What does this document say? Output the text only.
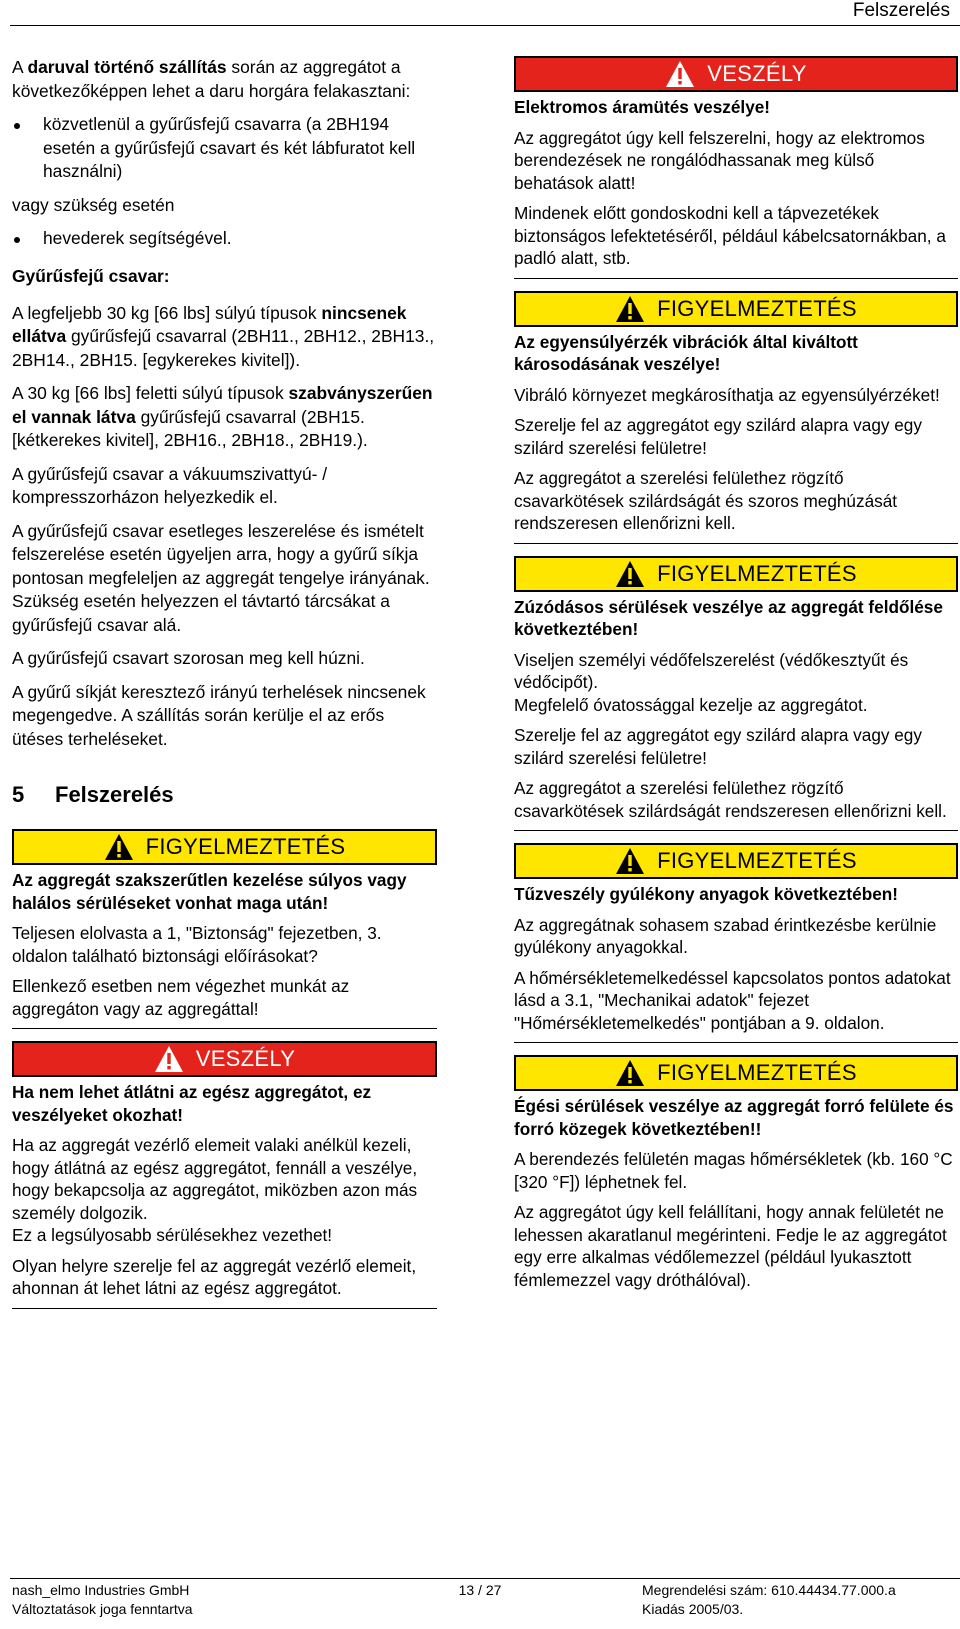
Felszerelés

A daruval történő szállítás során az aggregátot a következőképpen lehet a daru horgára felakasztani:

közvetlenül a gyűrűsfejű csavarra (a 2BH194 esetén a gyűrűsfejű csavart és két lábfuratot kell használni)

vagy szükség esetén

hevederek segítségével.
Gyűrűsfejű csavar:

A legfeljebb 30 kg [66 lbs] súlyú típusok nincsenek ellátva gyűrűsfejű csavarral (2BH11., 2BH12., 2BH13., 2BH14., 2BH15. [egykerekes kivitel]).

A 30 kg [66 lbs] feletti súlyú típusok szabványszerűen el vannak látva gyűrűsfejű csavarral (2BH15. [kétkerekes kivitel], 2BH16., 2BH18., 2BH19.).

A gyűrűsfejű csavar a vákuumszivattyú- / kompresszorházon helyezkedik el.

A gyűrűsfejű csavar esetleges leszerelése és ismételt felszerelése esetén ügyeljen arra, hogy a gyűrű síkja pontosan megfeleljen az aggregát tengelye irányának. Szükség esetén helyezzen el távtartó tárcsákat a gyűrűsfejű csavar alá.

A gyűrűsfejű csavart szorosan meg kell húzni.

A gyűrű síkját keresztező irányú terhelések nincsenek megengedve. A szállítás során kerülje el az erős ütéses terheléseket.

5 Felszerelés
FIGYELMEZTETÉS

Az aggregát szakszerűtlen kezelése súlyos vagy halálos sérüléseket vonhat maga után!

Teljesen elolvasta a 1, "Biztonság" fejezetben, 3. oldalon található biztonsági előírásokat?

Ellenkező esetben nem végezhet munkát az aggregáton vagy az aggregáttal!

VESZÉLY

Ha nem lehet átlátni az egész aggregátot, ez veszélyeket okozhat!

Ha az aggregát vezérlő elemeit valaki anélkül kezeli, hogy átlátná az egész aggregátot, fennáll a veszélye, hogy bekapcsolja az aggregátot, miközben azon más személy dolgozik.

Ez a legsúlyosabb sérülésekhez vezethet!

Olyan helyre szerelje fel az aggregát vezérlő elemeit, ahonnan át lehet látni az egész aggregátot.

VESZÉLY

Elektromos áramütés veszélye!

Az aggregátot úgy kell felszerelni, hogy az elektromos berendezések ne rongálódhassanak meg külső behatások alatt!

Mindenek előtt gondoskodni kell a tápvezetékek biztonságos lefektetéséről, például kábelcsatornákban, a padló alatt, stb.

FIGYELMEZTETÉS

Az egyensúlyérzék vibrációk által kiváltott károsodásának veszélye!

Vibráló környezet megkárosíthatja az egyensúlyérzéket!

Szerelje fel az aggregátot egy szilárd alapra vagy egy szilárd szerelési felületre!

Az aggregátot a szerelési felülethez rögzítő csavarkötések szilárdságát és szoros meghúzását rendszeresen ellenőrizni kell.

FIGYELMEZTETÉS

Zúzódásos sérülések veszélye az aggregát feldőlése következtében!

Viseljen személyi védőfelszerelést (védőkesztyűt és védőcipőt).

Megfelelő óvatossággal kezelje az aggregátot.

Szerelje fel az aggregátot egy szilárd alapra vagy egy szilárd szerelési felületre!

Az aggregátot a szerelési felülethez rögzítő csavarkötések szilárdságát rendszeresen ellenőrizni kell.

FIGYELMEZTETÉS

Tűzveszély gyúlékony anyagok következtében!

Az aggregátnak sohasem szabad érintkezésbe kerülnie gyúlékony anyagokkal.

A hőmérsékletemelkedéssel kapcsolatos pontos adatokat lásd a 3.1, "Mechanikai adatok" fejezet "Hőmérsékletemelkedés" pontjában a 9. oldalon.

FIGYELMEZTETÉS

Égési sérülések veszélye az aggregát forró felülete és forró közegek következtében!!

A berendezés felületén magas hőmérsékletek (kb. 160 °C [320 °F]) léphetnek fel.

Az aggregátot úgy kell felállítani, hogy annak felületét ne lehessen akaratlanul megérinteni. Fedje le az aggregátot egy erre alkalmas védőlemezzel (például lyukasztott fémlemezzel vagy dróthálóval).

nash_elmo Industries GmbH
Változtatások joga fenntartva
13 / 27	Megrendelési szám: 610.44434.77.000.a
Kiadás 2005/03.
